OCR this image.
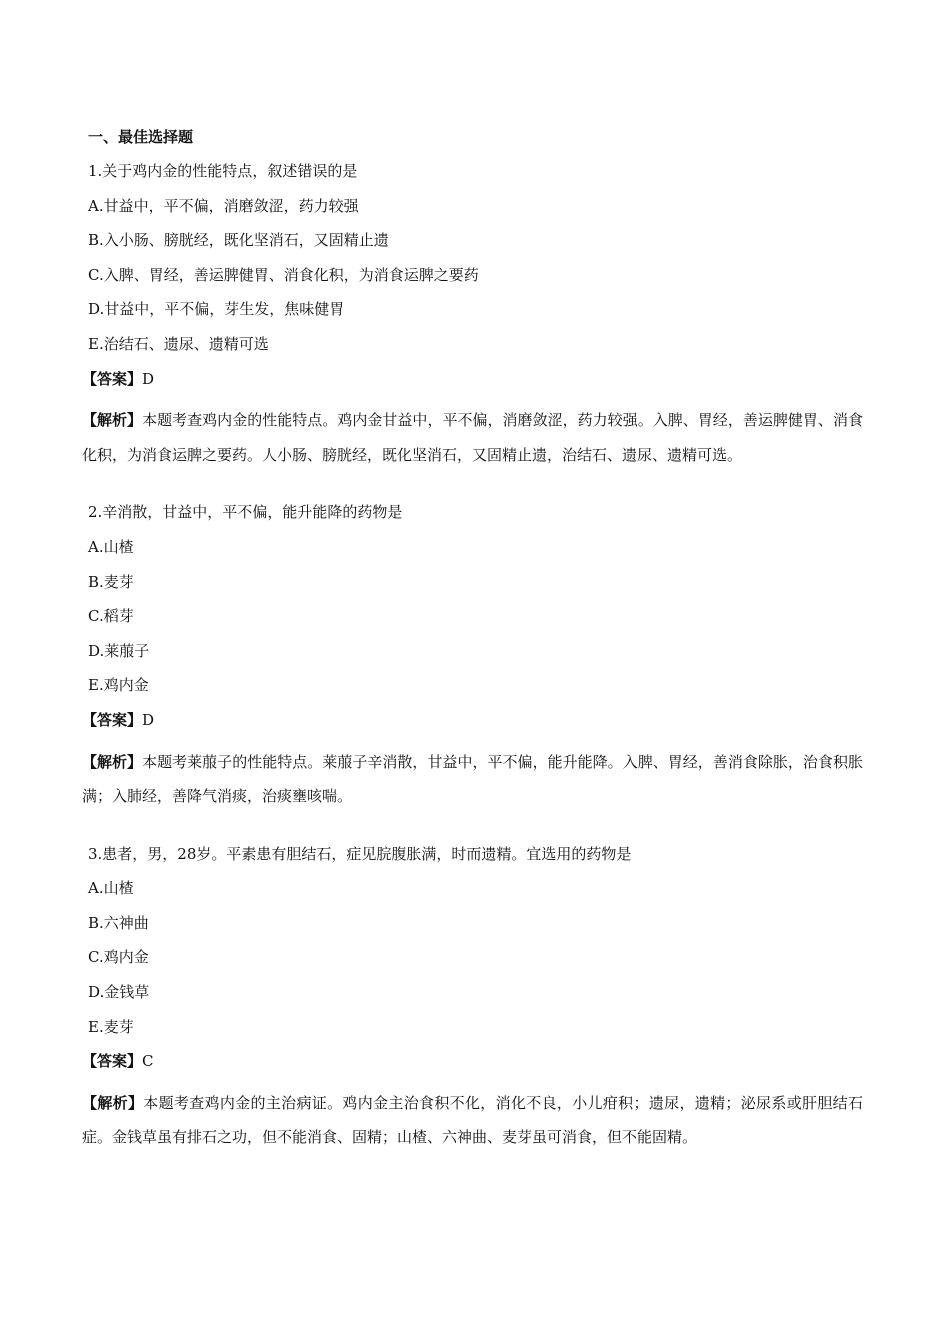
一、最佳选择题
1.关于鸡内金的性能特点，叙述错误的是
A.甘益中，平不偏，消磨敛涩，药力较强
B.入小肠、膀胱经，既化坚消石，又固精止遗
C.入脾、胃经，善运脾健胃、消食化积，为消食运脾之要药
D.甘益中，平不偏，芽生发，焦味健胃
E.治结石、遗尿、遗精可选
【答案】D
【解析】本题考查鸡内金的性能特点。鸡内金甘益中，平不偏，消磨敛涩，药力较强。入脾、胃经，善运脾健胃、消食化积，为消食运脾之要药。人小肠、膀胱经，既化坚消石，又固精止遗，治结石、遗尿、遗精可选。
2.辛消散，甘益中，平不偏，能升能降的药物是
A.山楂
B.麦芽
C.稻芽
D.莱菔子
E.鸡内金
【答案】D
【解析】本题考莱菔子的性能特点。莱菔子辛消散，甘益中，平不偏，能升能降。入脾、胃经，善消食除胀，治食积胀满；入肺经，善降气消痰，治痰壅咳喘。
3.患者，男，28岁。平素患有胆结石，症见脘腹胀满，时而遗精。宜选用的药物是
A.山楂
B.六神曲
C.鸡内金
D.金钱草
E.麦芽
【答案】C
【解析】本题考查鸡内金的主治病证。鸡内金主治食积不化，消化不良，小儿疳积；遗尿，遗精；泌尿系或肝胆结石症。金钱草虽有排石之功，但不能消食、固精；山楂、六神曲、麦芽虽可消食，但不能固精。
